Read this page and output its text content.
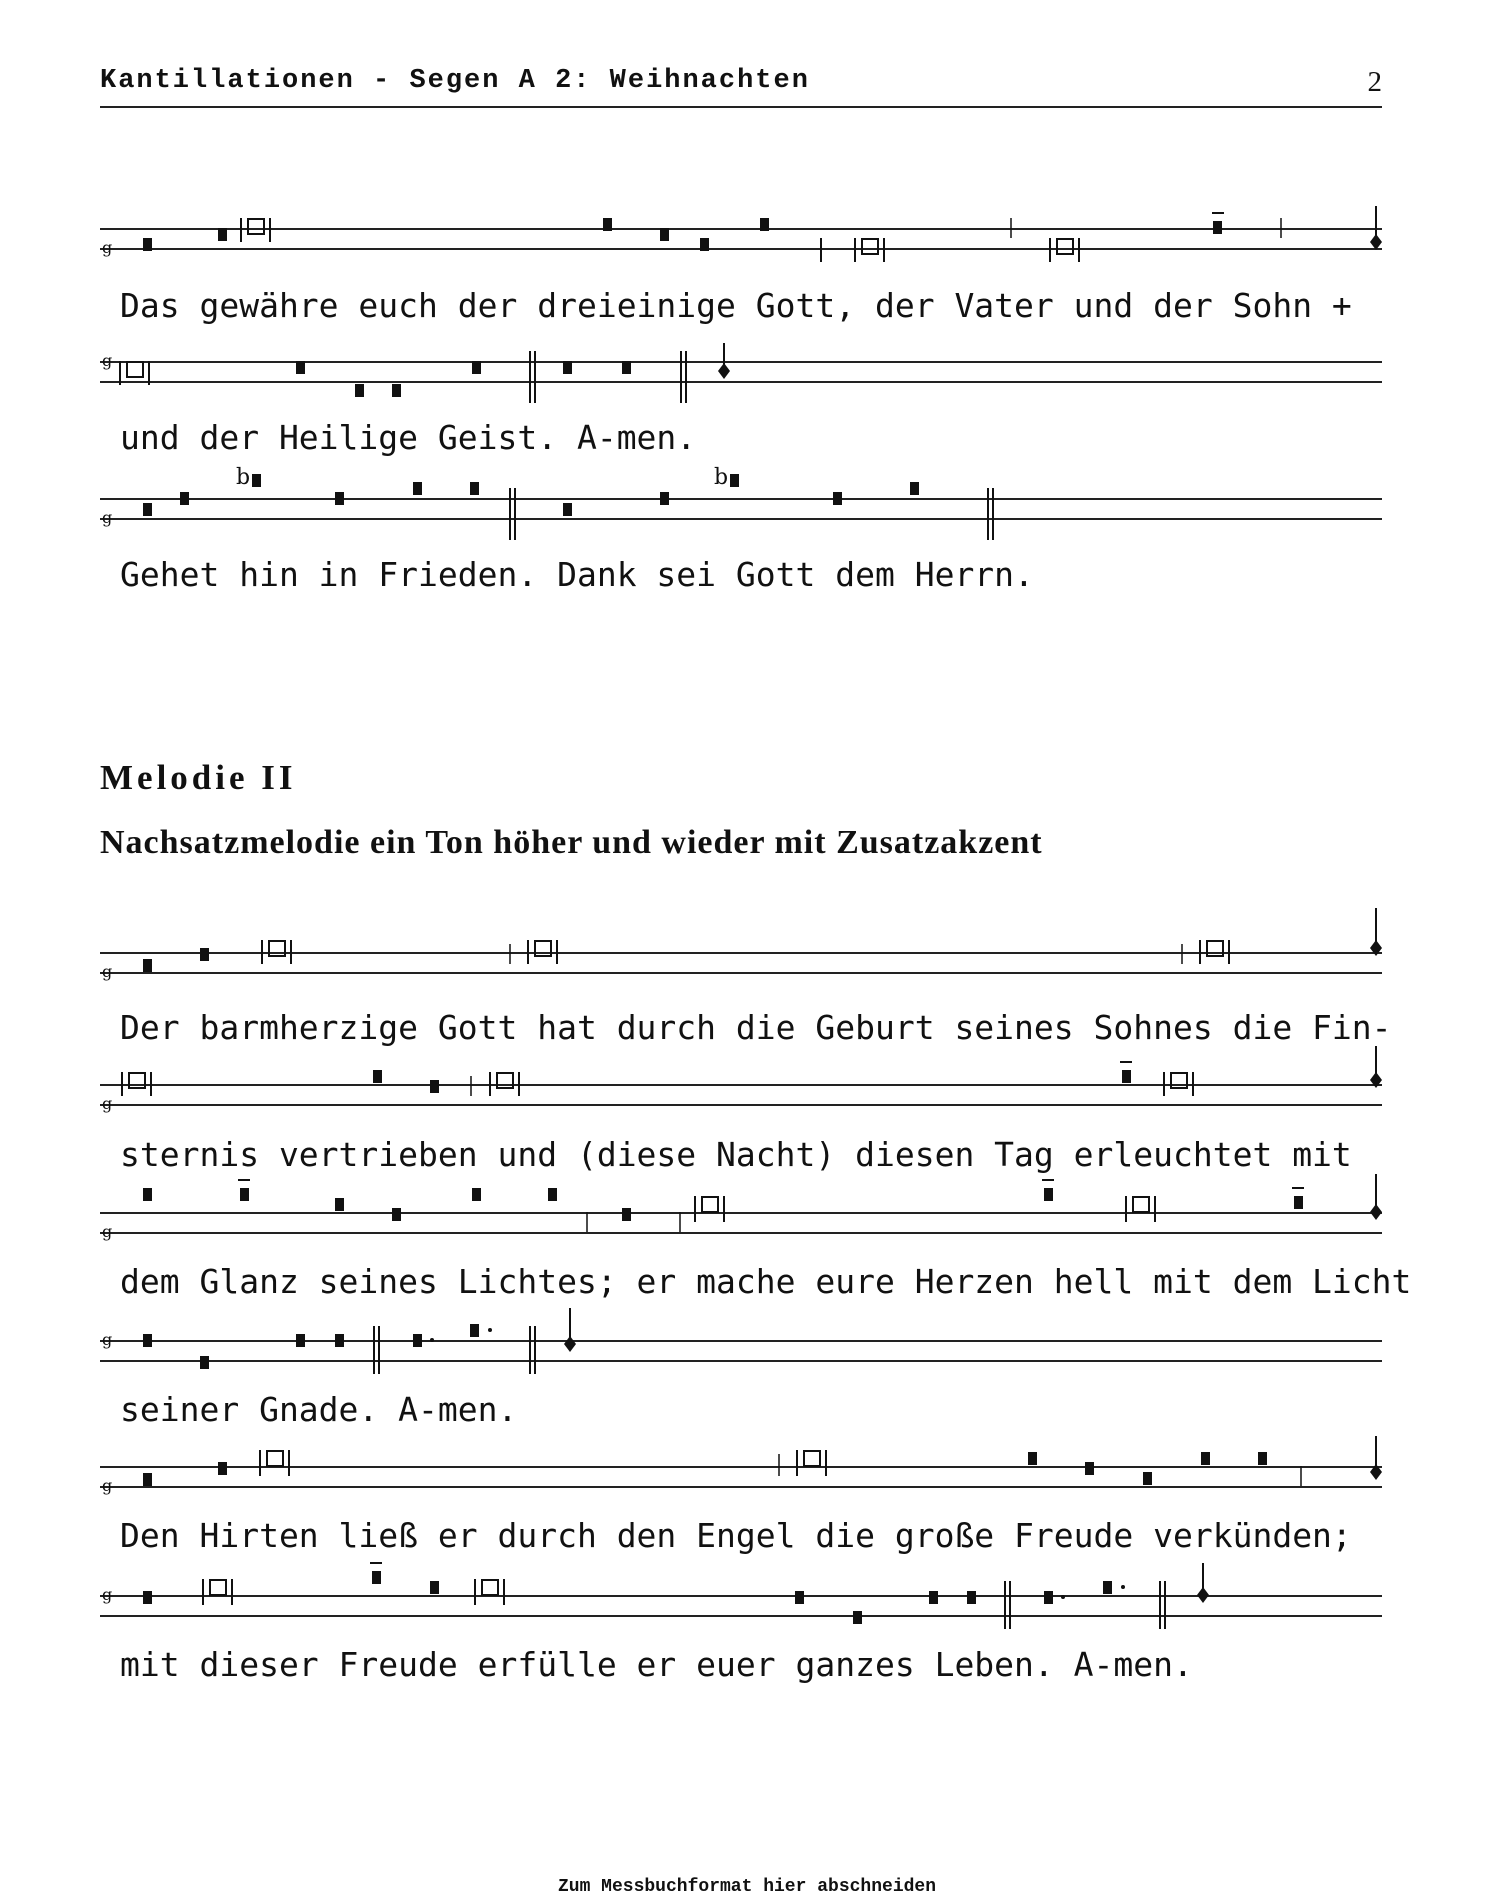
Kantillationen - Segen A 2: Weihnachten	2
g
Das gewähre euch der dreieinige Gott, der Vater und der Sohn +
g
und der Heilige Geist. A-men.
g
b	b
Gehet hin in Frieden. Dank sei Gott dem Herrn.
Melodie II
Nachsatzmelodie ein Ton höher und wieder mit Zusatzakzent
g
Der barmherzige Gott hat durch die Geburt seines Sohnes die Fin-
g
sternis vertrieben und (diese Nacht) diesen Tag erleuchtet mit
g
dem Glanz seines Lichtes; er mache eure Herzen hell mit dem Licht
g
seiner Gnade. A-men.
g
Den Hirten ließ er durch den Engel die große Freude verkünden;
g
mit dieser Freude erfülle er euer ganzes Leben. A-men.
Zum Messbuchformat hier abschneiden
